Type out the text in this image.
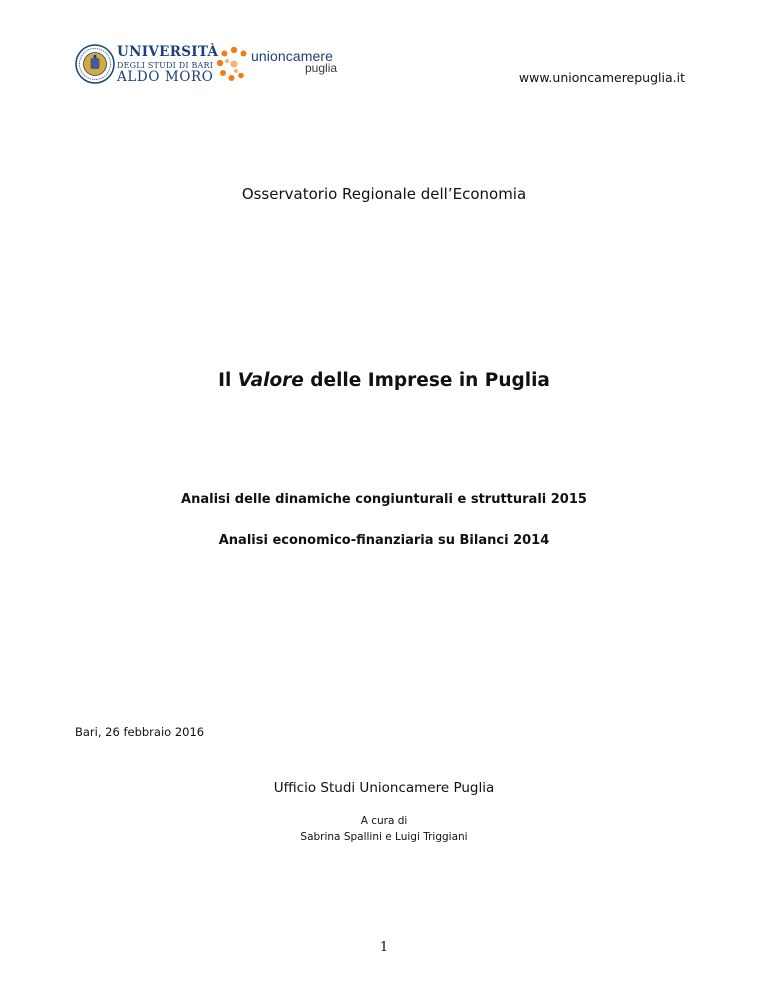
UNIVERSITÀ
DEGLI STUDI DI BARI
ALDO MORO
unioncamere
puglia
www.unioncamerepuglia.it
Osservatorio Regionale dell’Economia
Il Valore delle Imprese in Puglia
Analisi delle dinamiche congiunturali e strutturali 2015
Analisi economico-finanziaria su Bilanci 2014
Bari, 26 febbraio 2016
Ufficio Studi Unioncamere Puglia
A cura di
Sabrina Spallini e Luigi Triggiani
1
